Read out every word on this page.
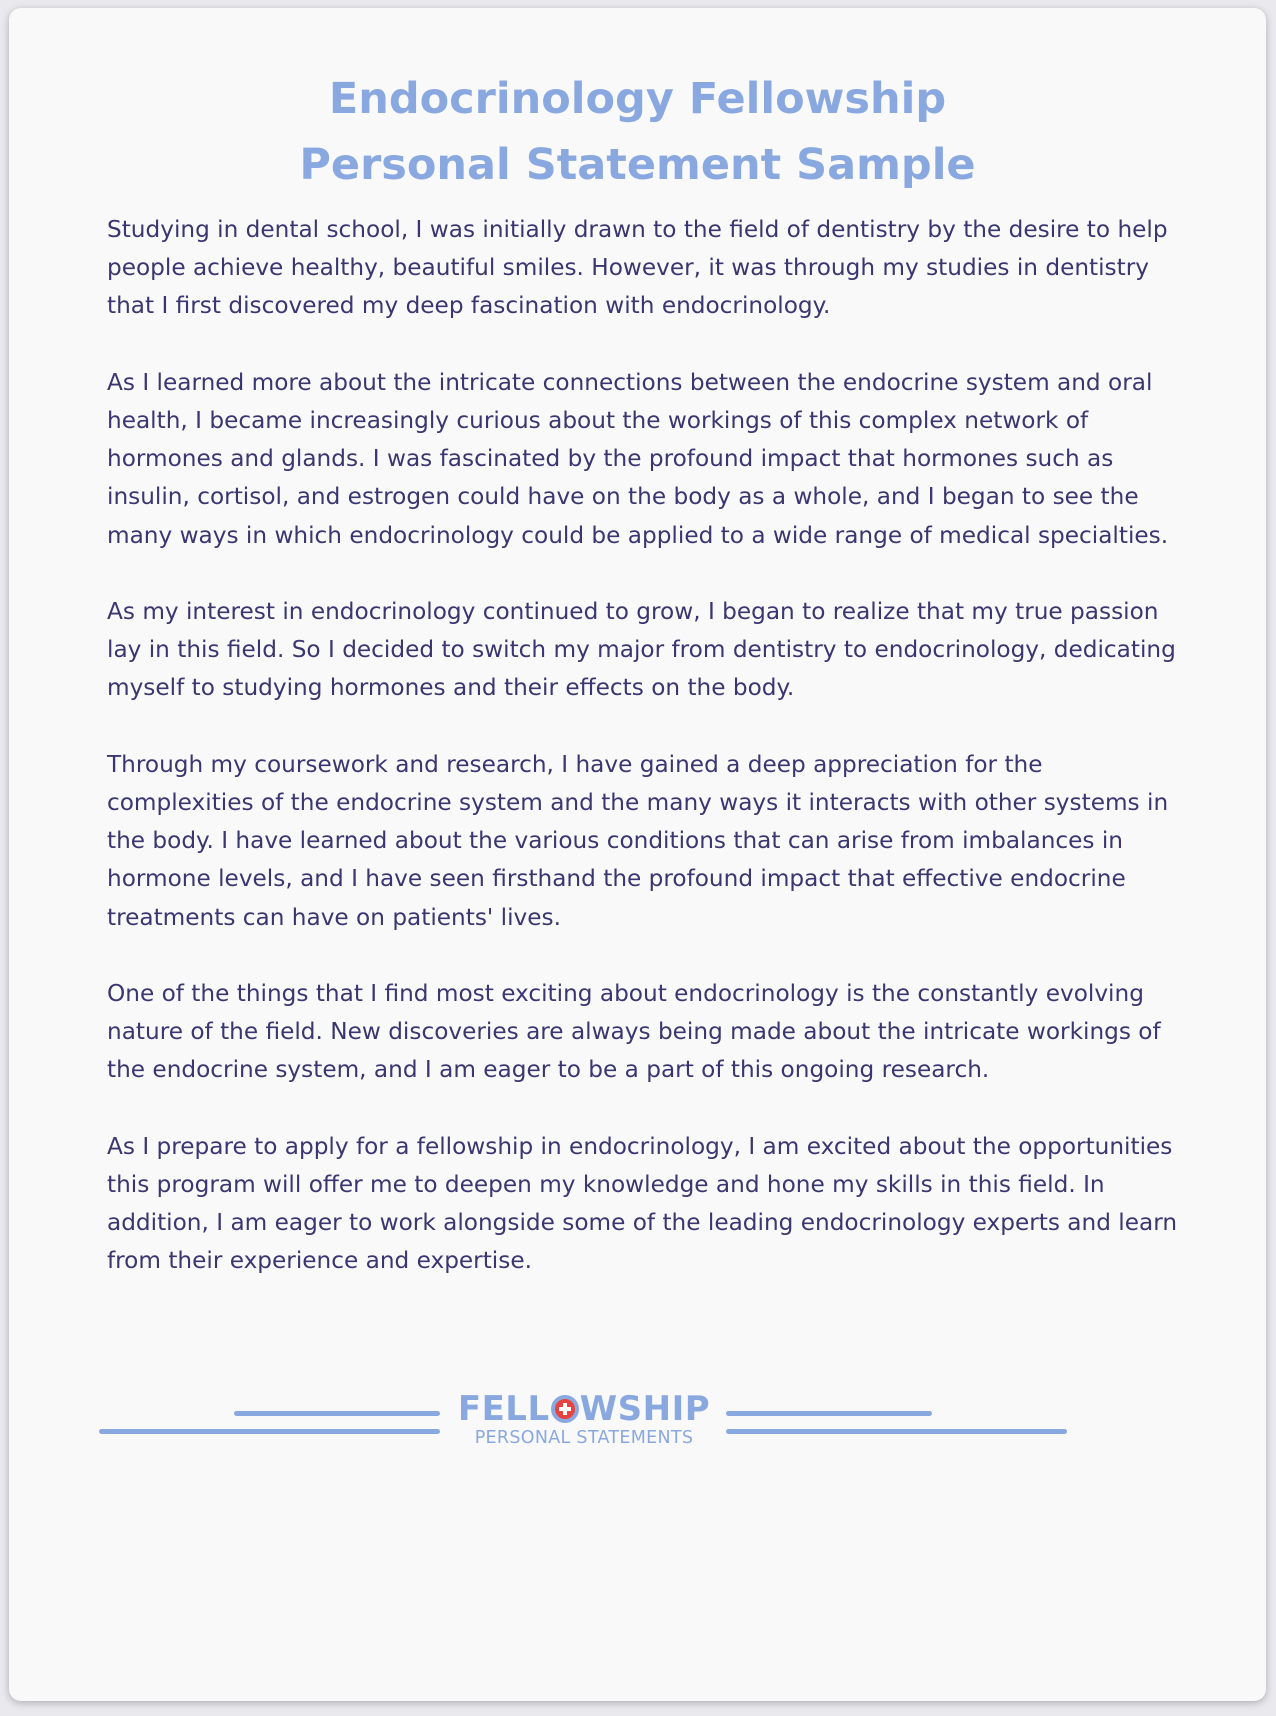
Endocrinology Fellowship
Personal Statement Sample

Studying in dental school, I was initially drawn to the field of dentistry by the desire to help people achieve healthy, beautiful smiles. However, it was through my studies in dentistry that I first discovered my deep fascination with endocrinology.

As I learned more about the intricate connections between the endocrine system and oral health, I became increasingly curious about the workings of this complex network of hormones and glands. I was fascinated by the profound impact that hormones such as insulin, cortisol, and estrogen could have on the body as a whole, and I began to see the many ways in which endocrinology could be applied to a wide range of medical specialties.

As my interest in endocrinology continued to grow, I began to realize that my true passion lay in this field. So I decided to switch my major from dentistry to endocrinology, dedicating myself to studying hormones and their effects on the body.

Through my coursework and research, I have gained a deep appreciation for the complexities of the endocrine system and the many ways it interacts with other systems in the body. I have learned about the various conditions that can arise from imbalances in hormone levels, and I have seen firsthand the profound impact that effective endocrine treatments can have on patients' lives.

One of the things that I find most exciting about endocrinology is the constantly evolving nature of the field. New discoveries are always being made about the intricate workings of the endocrine system, and I am eager to be a part of this ongoing research.

As I prepare to apply for a fellowship in endocrinology, I am excited about the opportunities this program will offer me to deepen my knowledge and hone my skills in this field. In addition, I am eager to work alongside some of the leading endocrinology experts and learn from their experience and expertise.

FELL WSHIP
PERSONAL STATEMENTS
